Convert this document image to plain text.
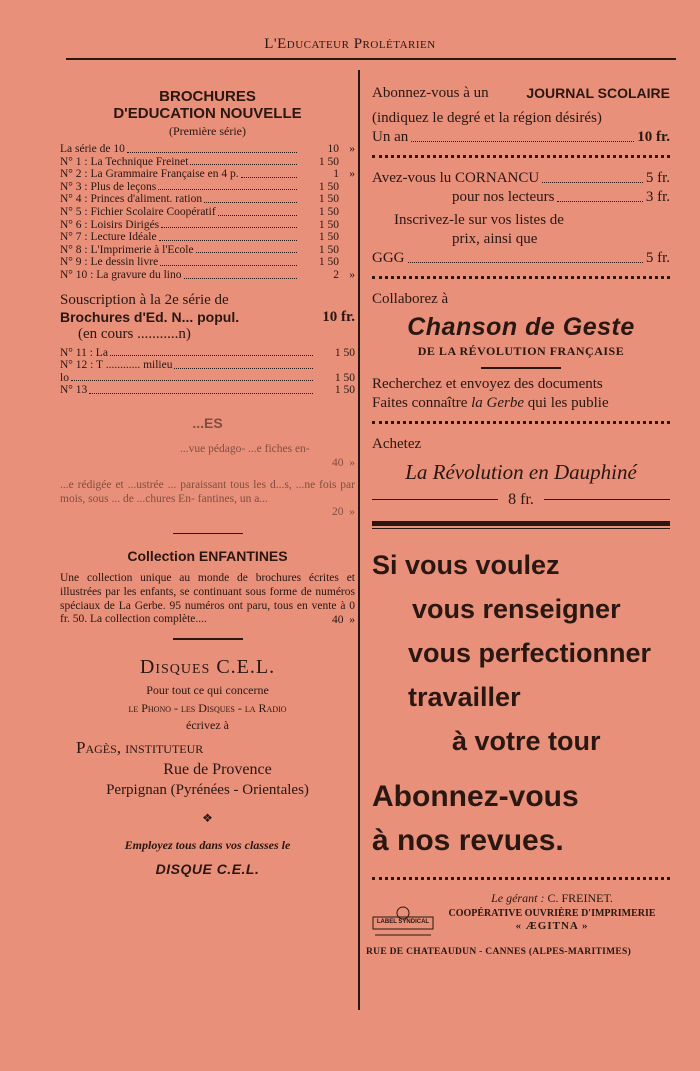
L'Educateur Prolétarien
BROCHURES
D'EDUCATION NOUVELLE
(Première série)
La série de 10	10 »
N° 1 : La Technique Freinet	1 50
N° 2 : La Grammaire Française en 4 p.	1 »
N° 3 : Plus de leçons	1 50
N° 4 : Princes d'aliment. ration	1 50
N° 5 : Fichier Scolaire Coopératif	1 50
N° 6 : Loisirs Dirigés	1 50
N° 7 : Lecture Idéale	1 50
N° 8 : L'Imprimerie à l'Ecole	1 50
N° 9 : Le dessin livre	1 50
N° 10 : La gravure du lino	2 »
Souscription à la 2e série de
Brochures d'Ed. N... popul.	10 fr.
(en cours ...........n)
N° 11 : La	1 50
N° 12 : T ............ milieu
lo	1 50
N° 13	1 50
...ES
...vue pédago- ...e fiches en-
40
»
...e rédigée et ...ustrée ... paraissant tous les d...s, ...ne fois par mois, sous ... de ...chures En- fantines, un a...
20
»
Collection ENFANTINES
Une collection unique au monde de brochures écrites et illustrées par les enfants, se continuant sous forme de numéros spéciaux de La Gerbe. 95 numéros ont paru, tous en vente à 0 fr. 50. La collection complète....	40
»
Disques C.E.L.
Pour tout ce qui concerne
le Phono - les Disques - la Radio
écrivez à
Pagès, instituteur
Rue de Provence
Perpignan (Pyrénées - Orientales)
❖
Employez tous dans vos classes le
DISQUE C.E.L.
Abonnez-vous à un	JOURNAL SCOLAIRE
(indiquez le degré et la région désirés)
Un an	10 fr.
Avez-vous lu CORNANCU	5 fr.
pour nos lecteurs	3 fr.
Inscrivez-le sur vos listes de
prix, ainsi que
GGG	5 fr.
Collaborez à
Chanson de Geste
DE LA RÉVOLUTION FRANÇAISE
Recherchez et envoyez des documents
Faites connaître
la Gerbe
qui les publie
Achetez
La Révolution en Dauphiné
8 fr.
Si vous voulez
vous renseigner
vous perfectionner
travailler
à votre tour
Abonnez-vous
à nos revues.
LABEL SYNDICAL
Le gérant : C. FREINET.
COOPÉRATIVE OUVRIÈRE D'IMPRIMERIE
« ÆGITNA »
RUE DE CHATEAUDUN - CANNES (ALPES-MARITIMES)
